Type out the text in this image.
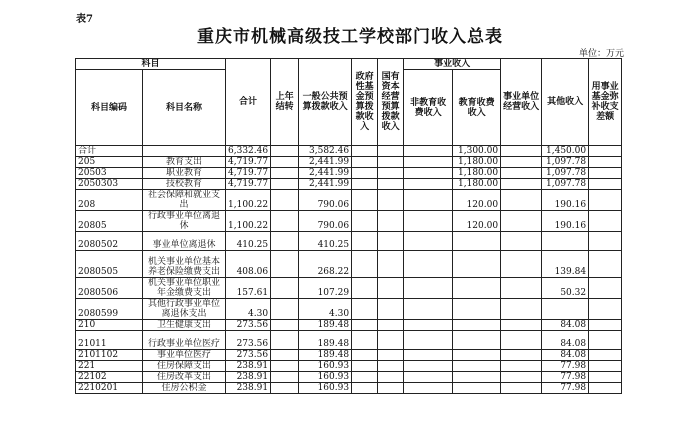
表7
重庆市机械高级技工学校部门收入总表
单位：万元
科目		合计	上年结转	一般公共预算拨款收入	政府性基金预算拨款收入	国有资本经营预算拨款收入	事业收入		事业单位经营收入	其他收入	用事业基金弥补收支差额
科目编码	科目名称						非教育收费收入	教育收费收入			
合计		6,332.46		3,582.46				1,300.00		1,450.00	
205	教育支出	4,719.77		2,441.99				1,180.00		1,097.78	
20503	职业教育	4,719.77		2,441.99				1,180.00		1,097.78	
2050303	技校教育	4,719.77		2,441.99				1,180.00		1,097.78	
208	社会保障和就业支出	1,100.22		790.06				120.00		190.16	
20805	行政事业单位离退休	1,100.22		790.06				120.00		190.16	
2080502	事业单位离退休	410.25		410.25							
2080505	机关事业单位基本养老保险缴费支出	408.06		268.22						139.84	
2080506	机关事业单位职业年金缴费支出	157.61		107.29						50.32	
2080599	其他行政事业单位离退休支出	4.30		4.30							
210	卫生健康支出	273.56		189.48						84.08	
21011	行政事业单位医疗	273.56		189.48						84.08	
2101102	事业单位医疗	273.56		189.48						84.08	
221	住房保障支出	238.91		160.93						77.98	
22102	住房改革支出	238.91		160.93						77.98	
2210201	住房公积金	238.91		160.93						77.98	
